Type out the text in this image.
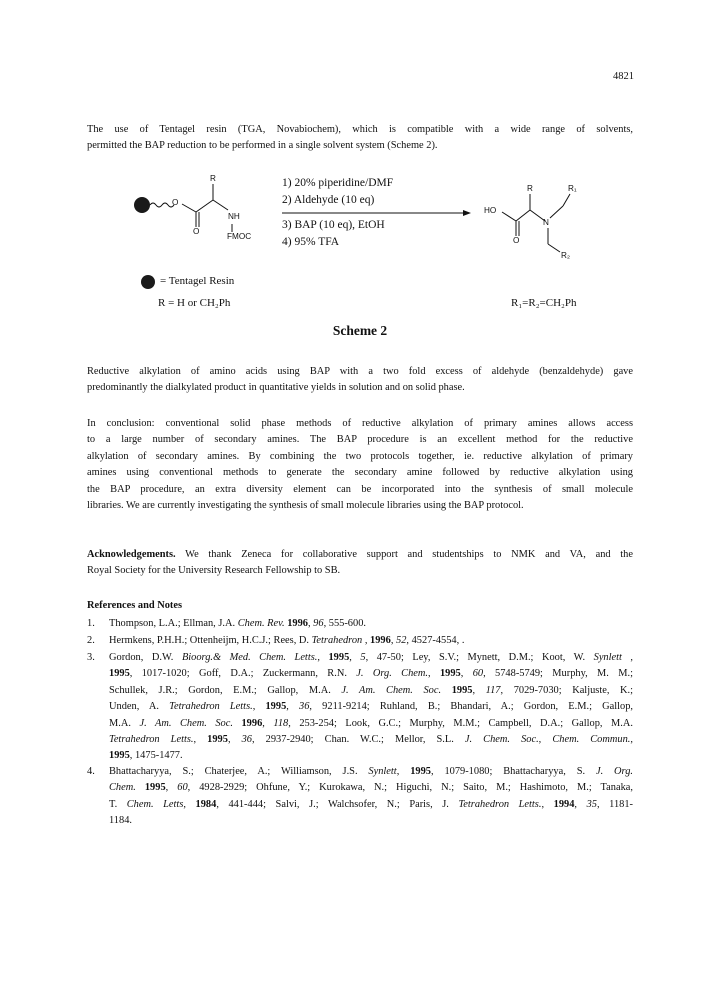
4821
The use of Tentagel resin (TGA, Novabiochem), which is compatible with a wide range of solvents,
permitted the BAP reduction to be performed in a single solvent system (Scheme 2).
R
O
NH
O
FMOC
R	R₁
HO
N
O
R₂
1) 20% piperidine/DMF
2) Aldehyde (10 eq)
3) BAP (10 eq), EtOH
4) 95% TFA
= Tentagel Resin
R = H or CH₂Ph	R₁=R₂=CH₂Ph
Scheme 2
Reductive alkylation of amino acids using BAP with a two fold excess of aldehyde (benzaldehyde) gave
predominantly the dialkylated product in quantitative yields in solution and on solid phase.
In conclusion: conventional solid phase methods of reductive alkylation of primary amines allows access
to a large number of secondary amines. The BAP procedure is an excellent method for the reductive
alkylation of secondary amines. By combining the two protocols together, ie. reductive alkylation of primary
amines using conventional methods to generate the secondary amine followed by reductive alkylation using
the BAP procedure, an extra diversity element can be incorporated into the synthesis of small molecule
libraries. We are currently investigating the synthesis of small molecule libraries using the BAP protocol.
Acknowledgements. We thank Zeneca for collaborative support and studentships to NMK and VA, and the
Royal Society for the University Research Fellowship to SB.
References and Notes
1.	Thompson, L.A.; Ellman, J.A. Chem. Rev. 1996, 96, 555-600.
2.	Hermkens, P.H.H.; Ottenheijm, H.C.J.; Rees, D. Tetrahedron , 1996, 52, 4527-4554, .
3.	Gordon, D.W. Bioorg.& Med. Chem. Letts., 1995, 5, 47-50; Ley, S.V.; Mynett, D.M.; Koot, W. Synlett ,
1995, 1017-1020; Goff, D.A.; Zuckermann, R.N. J. Org. Chem., 1995, 60, 5748-5749; Murphy, M. M.;
Schullek, J.R.; Gordon, E.M.; Gallop, M.A. J. Am. Chem. Soc. 1995, 117, 7029-7030; Kaljuste, K.;
Unden, A. Tetrahedron Letts., 1995, 36, 9211-9214; Ruhland, B.; Bhandari, A.; Gordon, E.M.; Gallop,
M.A. J. Am. Chem. Soc. 1996, 118, 253-254; Look, G.C.; Murphy, M.M.; Campbell, D.A.; Gallop, M.A.
Tetrahedron Letts., 1995, 36, 2937-2940; Chan. W.C.; Mellor, S.L. J. Chem. Soc., Chem. Commun.,
1995, 1475-1477.
4.	Bhattacharyya, S.; Chaterjee, A.; Williamson, J.S. Synlett, 1995, 1079-1080; Bhattacharyya, S. J. Org.
Chem. 1995, 60, 4928-2929; Ohfune, Y.; Kurokawa, N.; Higuchi, N.; Saito, M.; Hashimoto, M.; Tanaka,
T. Chem. Letts, 1984, 441-444; Salvi, J.; Walchsofer, N.; Paris, J. Tetrahedron Letts., 1994, 35, 1181-
1184.
